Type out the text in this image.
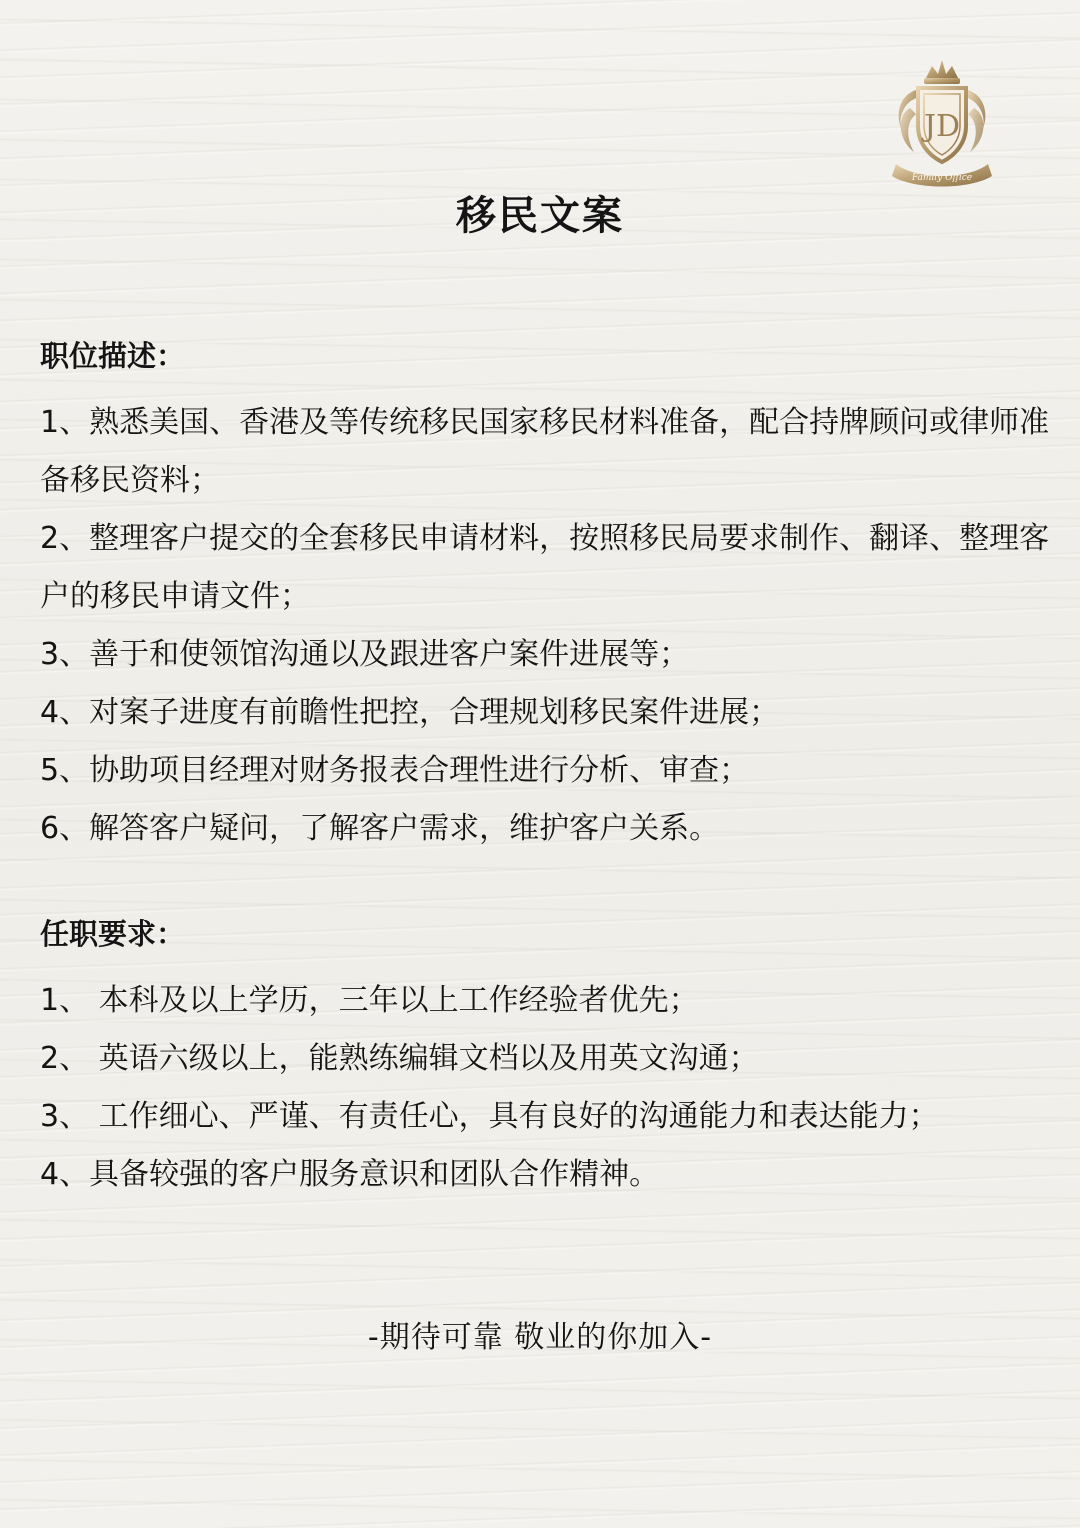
JD
Family Office
移民文案
职位描述：

1、熟悉美国、香港及等传统移民国家移民材料准备，配合持牌顾问或律师准备移民资料；

2、整理客户提交的全套移民申请材料，按照移民局要求制作、翻译、整理客户的移民申请文件；

3、善于和使领馆沟通以及跟进客户案件进展等；

4、对案子进度有前瞻性把控，合理规划移民案件进展；

5、协助项目经理对财务报表合理性进行分析、审查；

6、解答客户疑问，了解客户需求，维护客户关系。

任职要求：

1、 本科及以上学历，三年以上工作经验者优先；

2、 英语六级以上，能熟练编辑文档以及用英文沟通；

3、 工作细心、严谨、有责任心，具有良好的沟通能力和表达能力；

4、具备较强的客户服务意识和团队合作精神。

-期待可靠 敬业的你加入-
